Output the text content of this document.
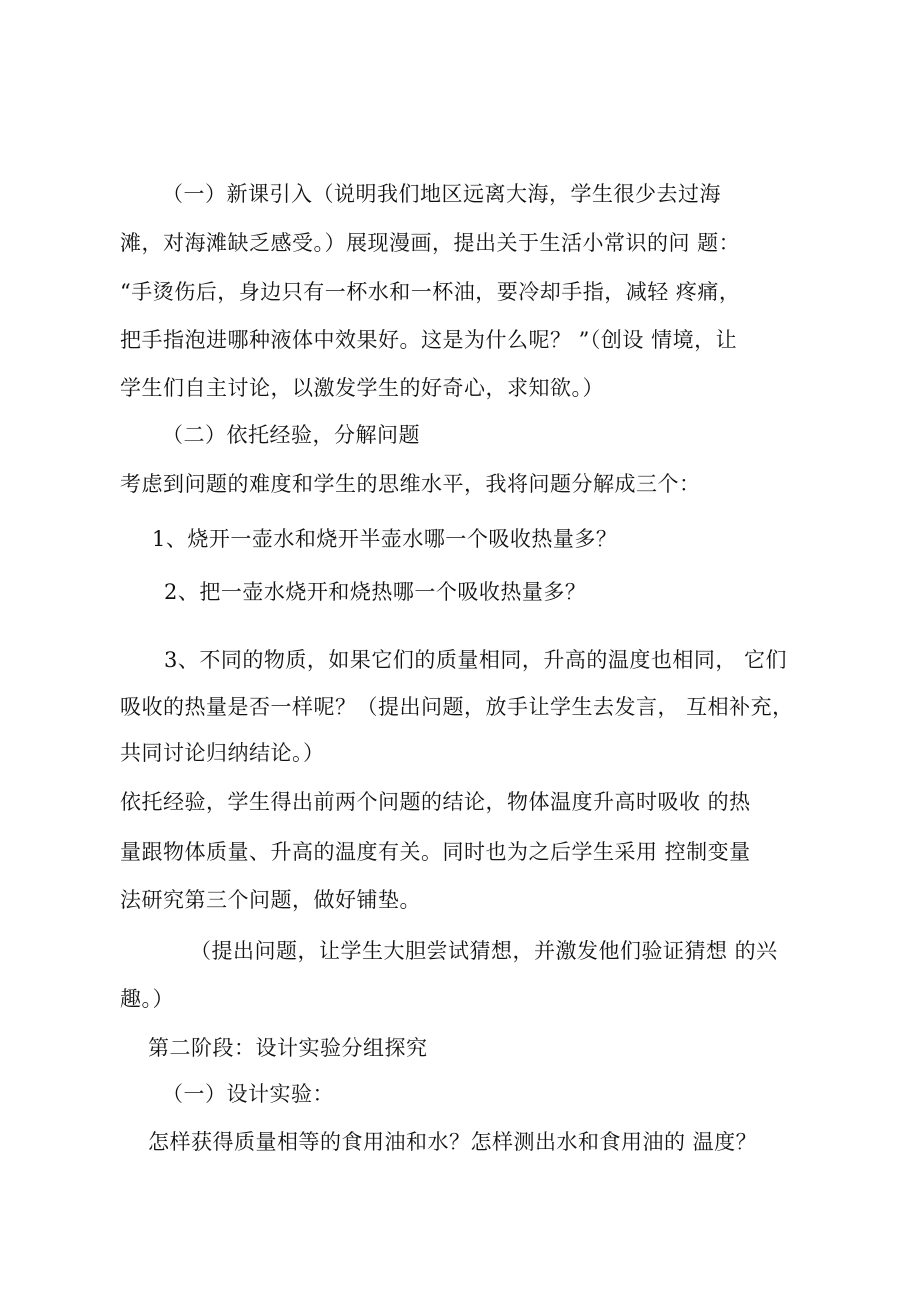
（一）新课引入（说明我们地区远离大海，学生很少去过海
滩，对海滩缺乏感受。）展现漫画，提出关于生活小常识的问 题：
“手烫伤后，身边只有一杯水和一杯油，要冷却手指，减轻 疼痛，
把手指泡进哪种液体中效果好。这是为什么呢？ ”（创设 情境，让
学生们自主讨论，以激发学生的好奇心，求知欲。）
（二）依托经验，分解问题
考虑到问题的难度和学生的思维水平，我将问题分解成三个：
1、烧开一壶水和烧开半壶水哪一个吸收热量多？
2、把一壶水烧开和烧热哪一个吸收热量多？
3、不同的物质，如果它们的质量相同，升高的温度也相同， 它们
吸收的热量是否一样呢？（提出问题，放手让学生去发言， 互相补充，
共同讨论归纳结论。）
依托经验，学生得出前两个问题的结论，物体温度升高时吸收 的热
量跟物体质量、升高的温度有关。同时也为之后学生采用 控制变量
法研究第三个问题，做好铺垫。
（提出问题，让学生大胆尝试猜想，并激发他们验证猜想 的兴
趣。）
第二阶段：设计实验分组探究
（一）设计实验：
怎样获得质量相等的食用油和水？怎样测出水和食用油的 温度？
